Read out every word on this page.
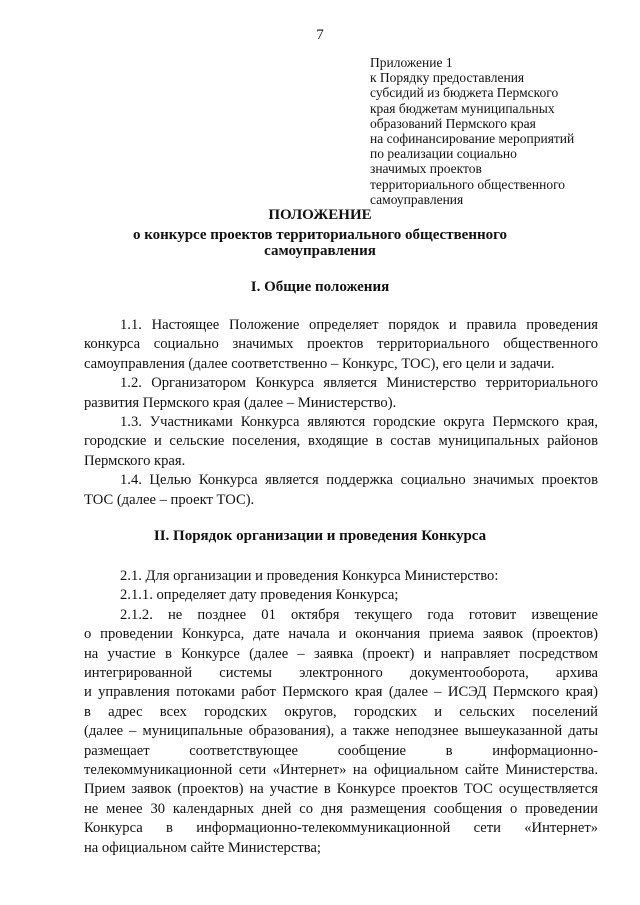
7
Приложение 1
к Порядку предоставления
субсидий из бюджета Пермского
края бюджетам муниципальных
образований Пермского края
на софинансирование мероприятий
по реализации социально
значимых проектов
территориального общественного
самоуправления
ПОЛОЖЕНИЕ
о конкурсе проектов территориального общественного
самоуправления
I. Общие положения
1.1. Настоящее Положение определяет порядок и правила проведения
конкурса социально значимых проектов территориального общественного
самоуправления (далее соответственно – Конкурс, ТОС), его цели и задачи.
1.2. Организатором Конкурса является Министерство территориального
развития Пермского края (далее – Министерство).
1.3. Участниками Конкурса являются городские округа Пермского края,
городские и сельские поселения, входящие в состав муниципальных районов
Пермского края.
1.4. Целью Конкурса является поддержка социально значимых проектов
ТОС (далее – проект ТОС).
II. Порядок организации и проведения Конкурса
2.1. Для организации и проведения Конкурса Министерство:
2.1.1. определяет дату проведения Конкурса;
2.1.2. не позднее 01 октября текущего года готовит извещение
о проведении Конкурса, дате начала и окончания приема заявок (проектов)
на участие в Конкурсе (далее – заявка (проект) и направляет посредством
интегрированной системы электронного документооборота, архива
и управления потоками работ Пермского края (далее – ИСЭД Пермского края)
в адрес всех городских округов, городских и сельских поселений
(далее – муниципальные образования), а также неподзнее вышеуказанной даты
размещает соответствующее сообщение в информационно-
телекоммуникационной сети «Интернет» на официальном сайте Министерства.
Прием заявок (проектов) на участие в Конкурсе проектов ТОС осуществляется
не менее 30 календарных дней со дня размещения сообщения о проведении
Конкурса в информационно-телекоммуникационной сети «Интернет»
на официальном сайте Министерства;
